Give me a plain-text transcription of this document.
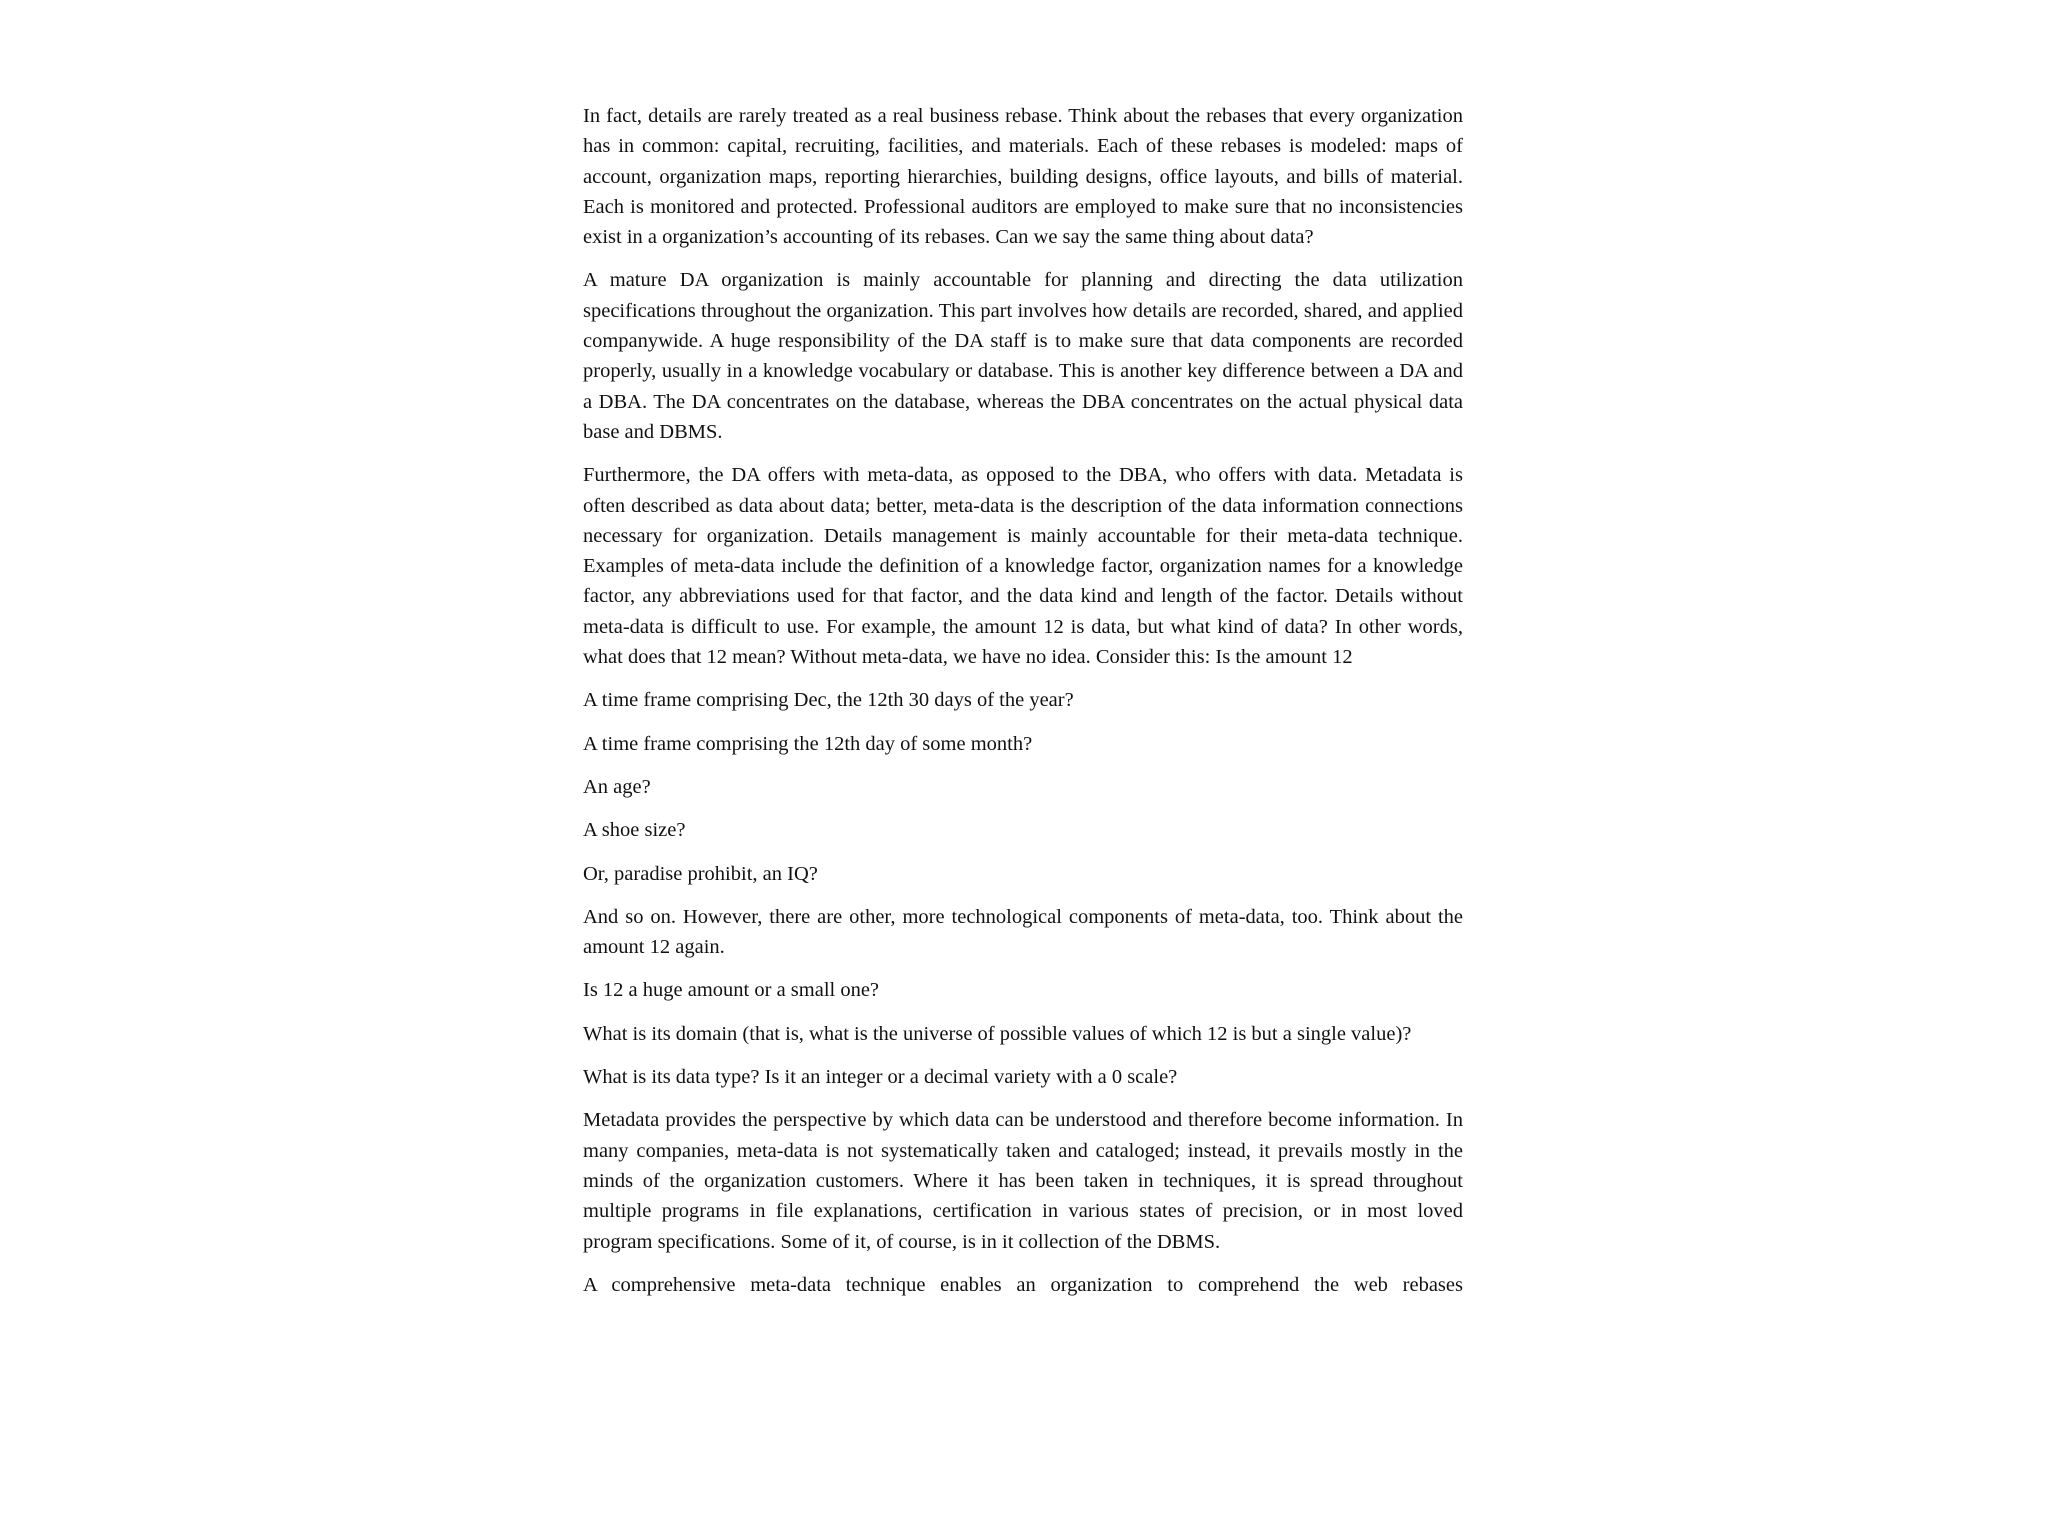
In fact, details are rarely treated as a real business rebase. Think about the rebases that every organization has in common: capital, recruiting, facilities, and materials. Each of these rebases is modeled: maps of account, organization maps, reporting hierarchies, building designs, office layouts, and bills of material. Each is monitored and protected. Professional auditors are employed to make sure that no inconsistencies exist in a organization’s accounting of its rebases. Can we say the same thing about data?

A mature DA organization is mainly accountable for planning and directing the data utilization specifications throughout the organization. This part involves how details are recorded, shared, and applied companywide. A huge responsibility of the DA staff is to make sure that data components are recorded properly, usually in a knowledge vocabulary or database. This is another key difference between a DA and a DBA. The DA concentrates on the database, whereas the DBA concentrates on the actual physical data base and DBMS.

Furthermore, the DA offers with meta-data, as opposed to the DBA, who offers with data. Metadata is often described as data about data; better, meta-data is the description of the data information connections necessary for organization. Details management is mainly accountable for their meta-data technique. Examples of meta-data include the definition of a knowledge factor, organization names for a knowledge factor, any abbreviations used for that factor, and the data kind and length of the factor. Details without meta-data is difficult to use. For example, the amount 12 is data, but what kind of data? In other words, what does that 12 mean? Without meta-data, we have no idea. Consider this: Is the amount 12

A time frame comprising Dec, the 12th 30 days of the year?

A time frame comprising the 12th day of some month?

An age?

A shoe size?

Or, paradise prohibit, an IQ?

And so on. However, there are other, more technological components of meta-data, too. Think about the amount 12 again.

Is 12 a huge amount or a small one?

What is its domain (that is, what is the universe of possible values of which 12 is but a single value)?

What is its data type? Is it an integer or a decimal variety with a 0 scale?

Metadata provides the perspective by which data can be understood and therefore become information. In many companies, meta-data is not systematically taken and cataloged; instead, it prevails mostly in the minds of the organization customers. Where it has been taken in techniques, it is spread throughout multiple programs in file explanations, certification in various states of precision, or in most loved program specifications. Some of it, of course, is in it collection of the DBMS.

A comprehensive meta-data technique enables an organization to comprehend the web rebases
